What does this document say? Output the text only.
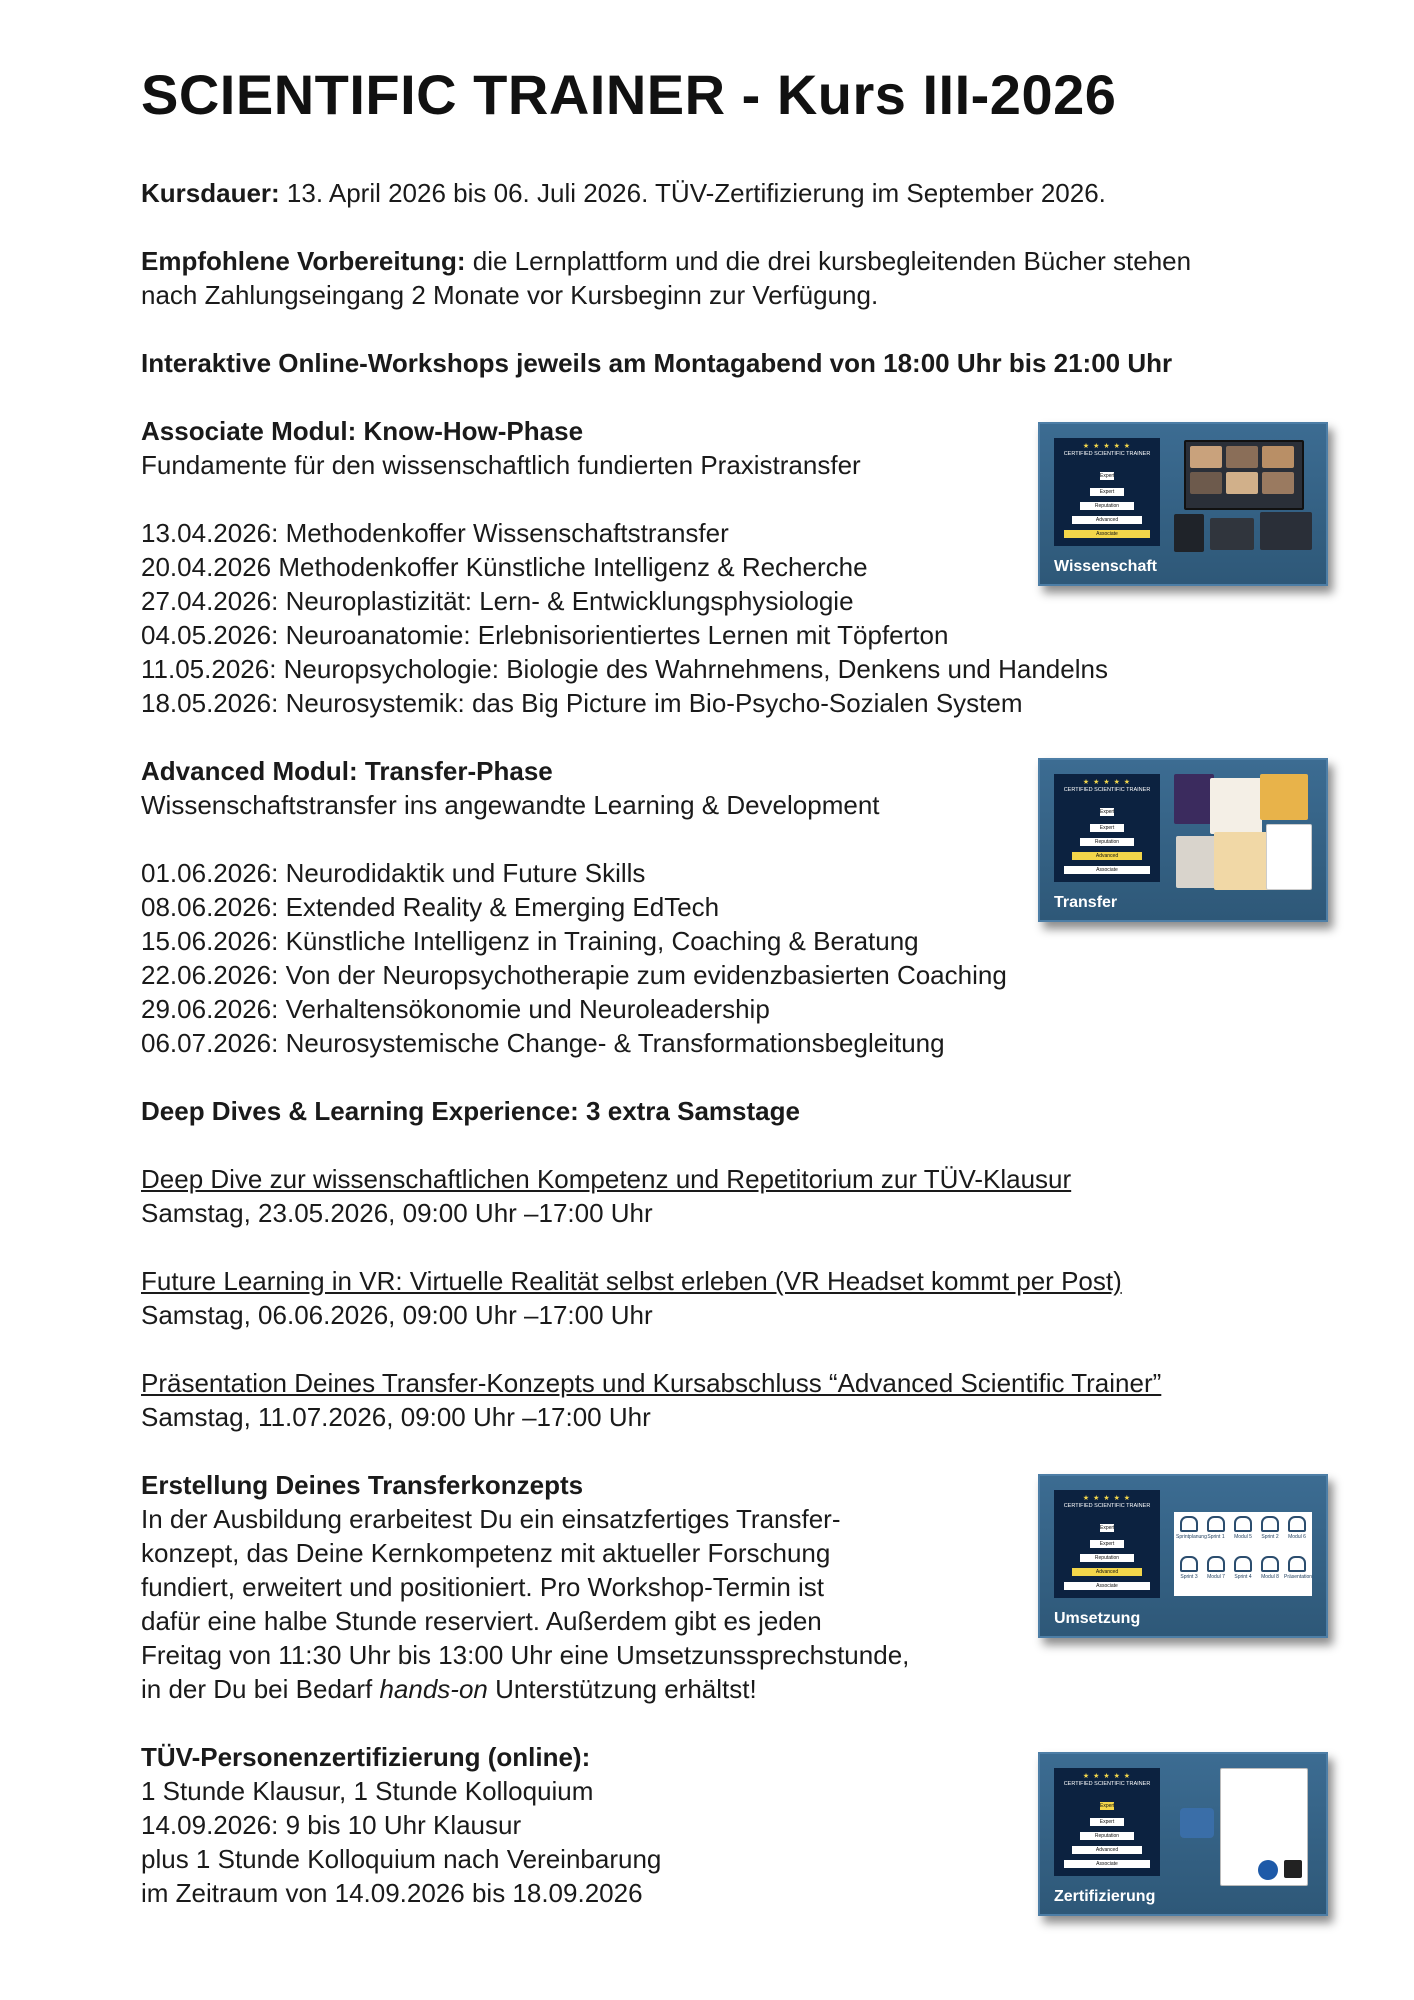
SCIENTIFIC TRAINER - Kurs III-2026

Kursdauer: 13. April 2026 bis 06. Juli 2026. TÜV-Zertifizierung im September 2026.

Empfohlene Vorbereitung: die Lernplattform und die drei kursbegleitenden Bücher stehen

nach Zahlungseingang 2 Monate vor Kursbeginn zur Verfügung.

Interaktive Online-Workshops jeweils am Montagabend von 18:00 Uhr bis 21:00 Uhr

Associate Modul: Know-How-Phase

Fundamente für den wissenschaftlich fundierten Praxistransfer

13.04.2026: Methodenkoffer Wissenschaftstransfer

20.04.2026 Methodenkoffer Künstliche Intelligenz & Recherche

27.04.2026: Neuroplastizität: Lern- & Entwicklungsphysiologie

04.05.2026: Neuroanatomie: Erlebnisorientiertes Lernen mit Töpferton

11.05.2026: Neuropsychologie: Biologie des Wahrnehmens, Denkens und Handelns

18.05.2026: Neurosystemik: das Big Picture im Bio-Psycho-Sozialen System

Advanced Modul: Transfer-Phase

Wissenschaftstransfer ins angewandte Learning & Development

01.06.2026: Neurodidaktik und Future Skills

08.06.2026: Extended Reality & Emerging EdTech

15.06.2026: Künstliche Intelligenz in Training, Coaching & Beratung

22.06.2026: Von der Neuropsychotherapie zum evidenzbasierten Coaching

29.06.2026: Verhaltensökonomie und Neuroleadership

06.07.2026: Neurosystemische Change- & Transformationsbegleitung

Deep Dives & Learning Experience: 3 extra Samstage

Deep Dive zur wissenschaftlichen Kompetenz und Repetitorium zur TÜV-Klausur

Samstag, 23.05.2026, 09:00 Uhr –17:00 Uhr

Future Learning in VR: Virtuelle Realität selbst erleben (VR Headset kommt per Post)

Samstag, 06.06.2026, 09:00 Uhr –17:00 Uhr

Präsentation Deines Transfer-Konzepts und Kursabschluss “Advanced Scientific Trainer”

Samstag, 11.07.2026, 09:00 Uhr –17:00 Uhr

Erstellung Deines Transferkonzepts

In der Ausbildung erarbeitest Du ein einsatzfertiges Transfer-

konzept, das Deine Kernkompetenz mit aktueller Forschung

fundiert, erweitert und positioniert. Pro Workshop-Termin ist

dafür eine halbe Stunde reserviert. Außerdem gibt es jeden

Freitag von 11:30 Uhr bis 13:00 Uhr eine Umsetzunssprechstunde,

in der Du bei Bedarf hands-on Unterstützung erhältst!

TÜV-Personenzertifizierung (online):

1 Stunde Klausur, 1 Stunde Kolloquium

14.09.2026: 9 bis 10 Uhr Klausur

plus 1 Stunde Kolloquium nach Vereinbarung

im Zeitraum von 14.09.2026 bis 18.09.2026

★ ★ ★ ★ ★
CERTIFIED SCIENTIFIC TRAINER
Expert
Expert
Reputation
Advanced
Associate
Wissenschaft
★ ★ ★ ★ ★
CERTIFIED SCIENTIFIC TRAINER
Expert
Expert
Reputation
Advanced
Associate
Transfer
★ ★ ★ ★ ★
CERTIFIED SCIENTIFIC TRAINER
Expert
Expert
Reputation
Advanced
Associate
Sprintplanung Sprint 1	Modul 5	Sprint 2	Modul 6
Sprint 3	Modul 7	Sprint 4	Modul 8	Präsentation
Umsetzung
★ ★ ★ ★ ★
CERTIFIED SCIENTIFIC TRAINER
Expert
Expert
Reputation
Advanced
Associate
Zertifizierung
